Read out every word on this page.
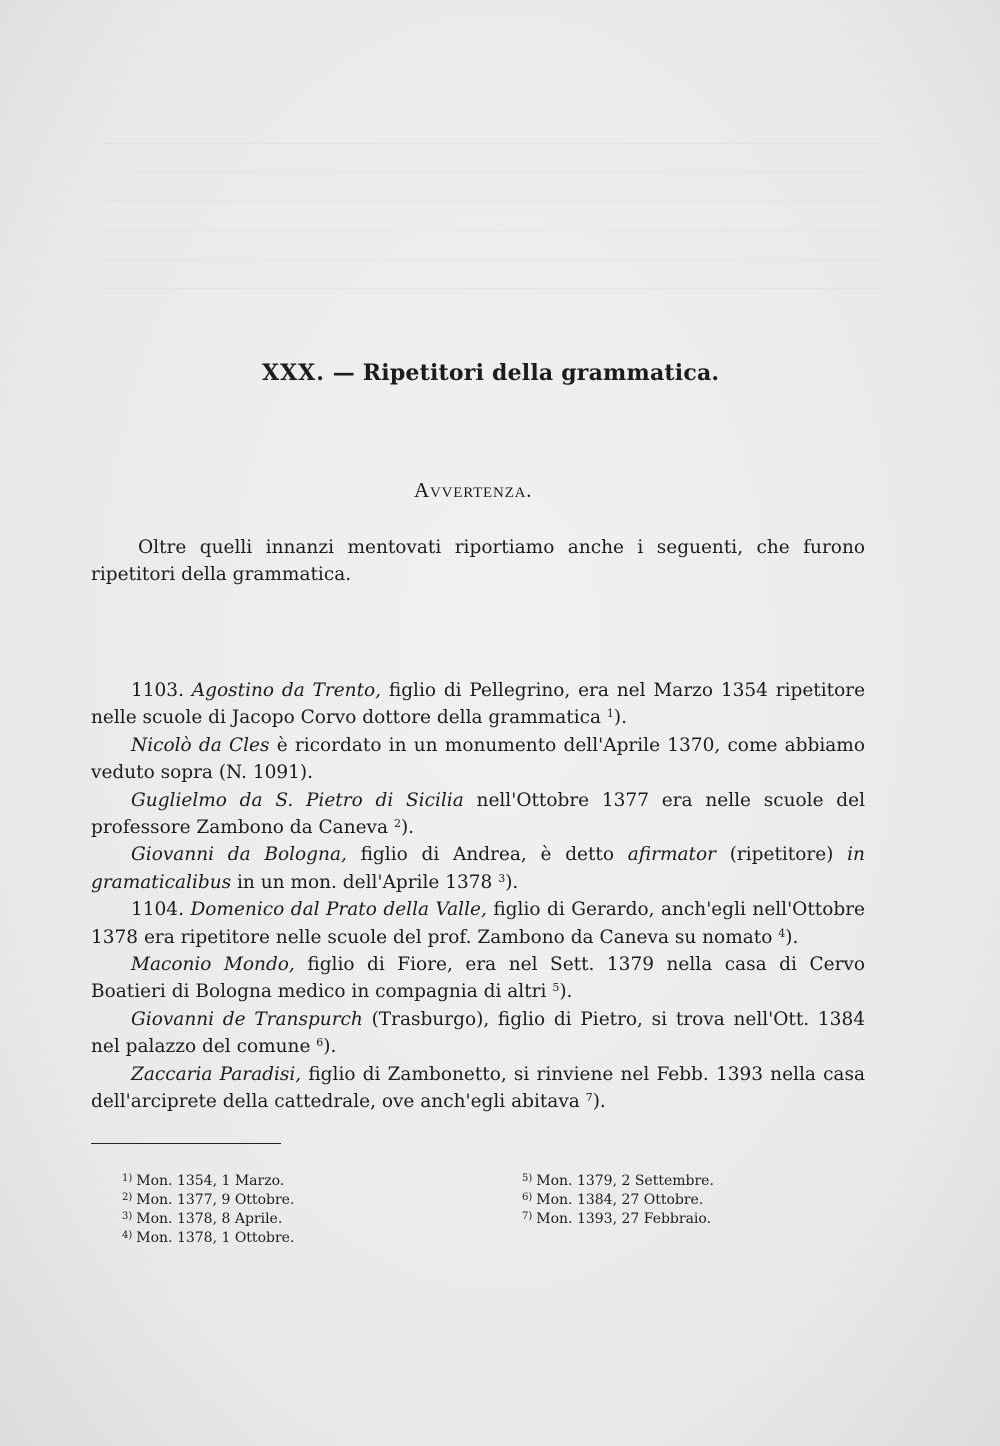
XXX. — Ripetitori della grammatica.
Avvertenza.

Oltre quelli innanzi mentovati riportiamo anche i seguenti, che furono ripetitori della grammatica.

1103. Agostino da Trento, figlio di Pellegrino, era nel Marzo 1354 ripetitore nelle scuole di Jacopo Corvo dottore della grammatica $^1$).

Nicolò da Cles è ricordato in un monumento dell'Aprile 1370, come abbiamo veduto sopra (N. 1091).

Guglielmo da S. Pietro di Sicilia nell'Ottobre 1377 era nelle scuole del professore Zambono da Caneva $^2$).

Giovanni da Bologna, figlio di Andrea, è detto afirmator (ripetitore) in gramaticalibus in un mon. dell'Aprile 1378 $^3$).

1104. Domenico dal Prato della Valle, figlio di Gerardo, anch'egli nell'Ottobre 1378 era ripetitore nelle scuole del prof. Zambono da Caneva su nomato $^4$).

Maconio Mondo, figlio di Fiore, era nel Sett. 1379 nella casa di Cervo Boatieri di Bologna medico in compagnia di altri $^5$).

Giovanni de Transpurch (Trasburgo), figlio di Pietro, si trova nell'Ott. 1384 nel palazzo del comune $^6$).

Zaccaria Paradisi, figlio di Zambonetto, si rinviene nel Febb. 1393 nella casa dell'arciprete della cattedrale, ove anch'egli abitava $^7$).

$^{1)}$ Mon. 1354, 1 Marzo.
$^{2)}$ Mon. 1377, 9 Ottobre.
$^{3)}$ Mon. 1378, 8 Aprile.
$^{4)}$ Mon. 1378, 1 Ottobre.
$^{5)}$ Mon. 1379, 2 Settembre.
$^{6)}$ Mon. 1384, 27 Ottobre.
$^{7)}$ Mon. 1393, 27 Febbraio.
